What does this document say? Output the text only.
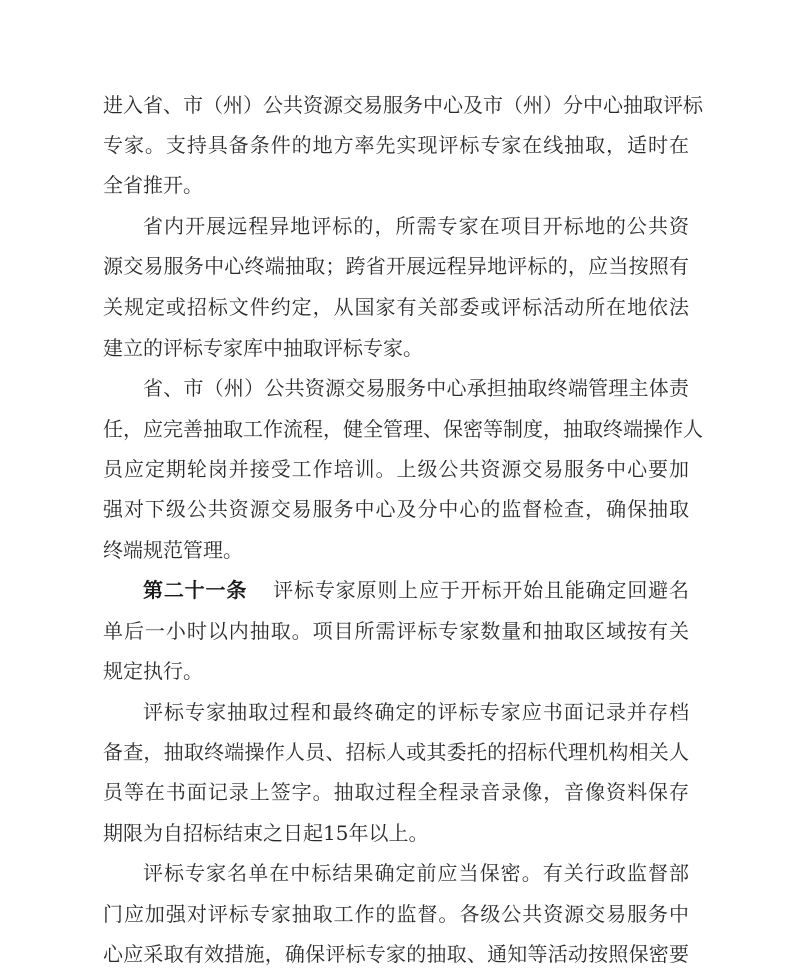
进入省、市（州）公共资源交易服务中心及市（州）分中心抽取评标
专家。支持具备条件的地方率先实现评标专家在线抽取，适时在
全省推开。
省内开展远程异地评标的，所需专家在项目开标地的公共资
源交易服务中心终端抽取；跨省开展远程异地评标的，应当按照有
关规定或招标文件约定，从国家有关部委或评标活动所在地依法
建立的评标专家库中抽取评标专家。
省、市（州）公共资源交易服务中心承担抽取终端管理主体责
任，应完善抽取工作流程，健全管理、保密等制度，抽取终端操作人
员应定期轮岗并接受工作培训。上级公共资源交易服务中心要加
强对下级公共资源交易服务中心及分中心的监督检查，确保抽取
终端规范管理。
第二十一条 评标专家原则上应于开标开始且能确定回避名
单后一小时以内抽取。项目所需评标专家数量和抽取区域按有关
规定执行。
评标专家抽取过程和最终确定的评标专家应书面记录并存档
备查，抽取终端操作人员、招标人或其委托的招标代理机构相关人
员等在书面记录上签字。抽取过程全程录音录像，音像资料保存
期限为自招标结束之日起15年以上。
评标专家名单在中标结果确定前应当保密。有关行政监督部
门应加强对评标专家抽取工作的监督。各级公共资源交易服务中
心应采取有效措施，确保评标专家的抽取、通知等活动按照保密要
